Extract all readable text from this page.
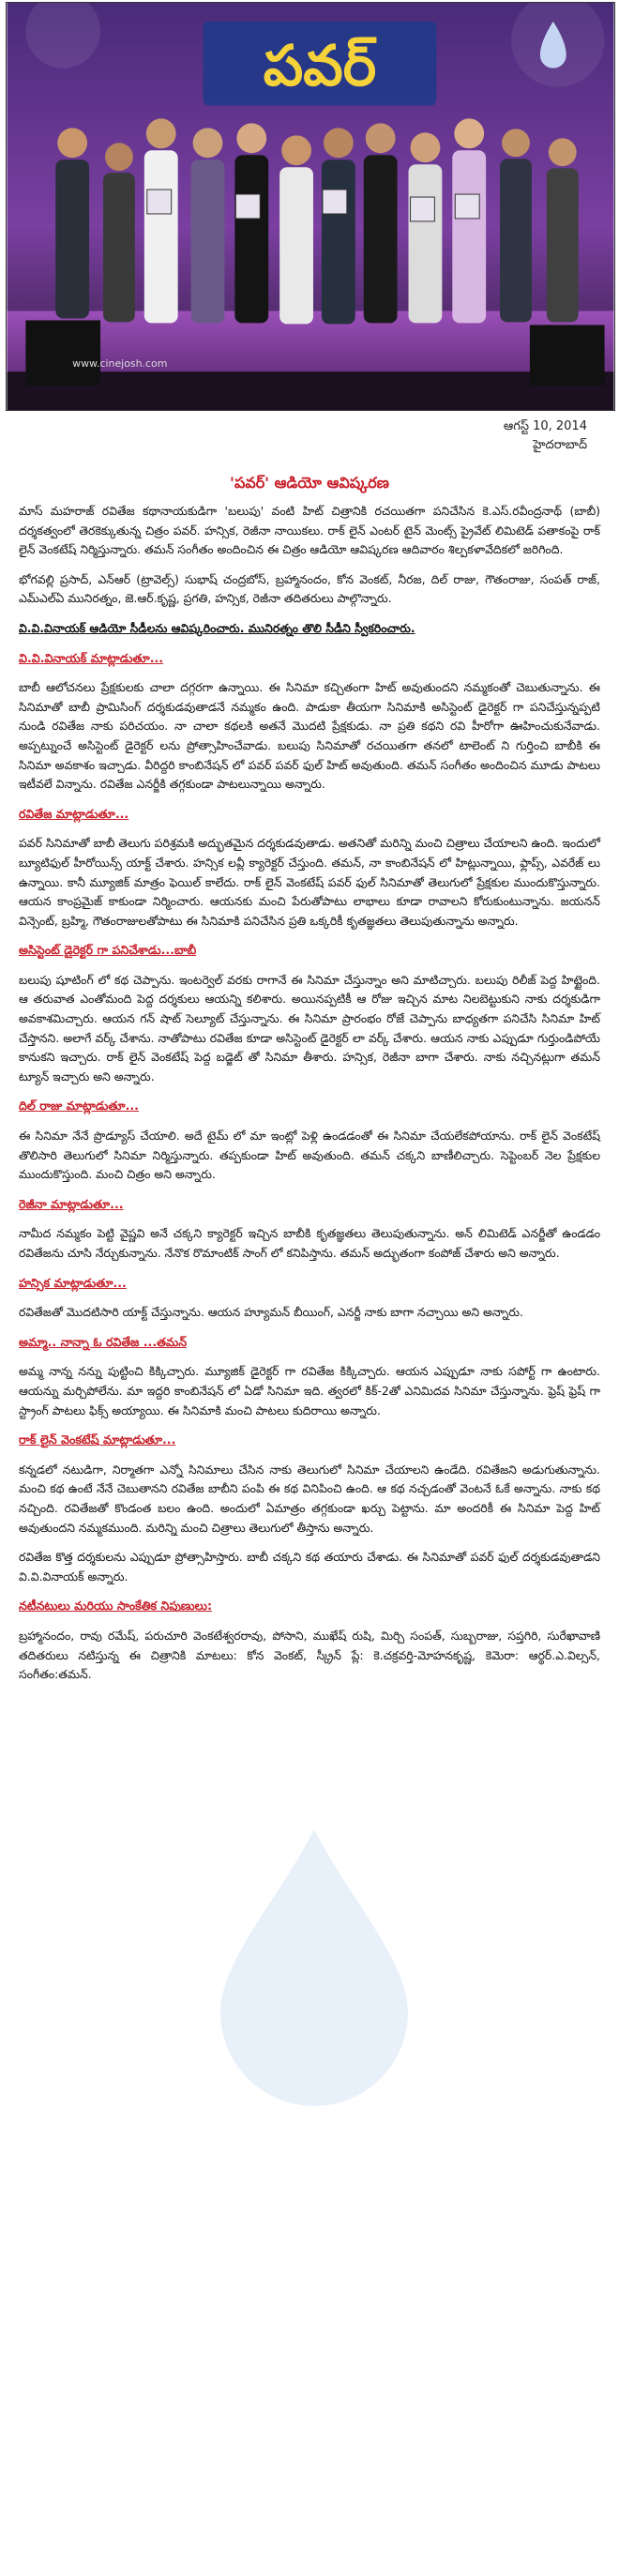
పవర్
www.cinejosh.com
ఆగస్ట్ 10, 2014
హైదరాబాద్
'పవర్' ఆడియో ఆవిష్కరణ

మాస్ మహరాజ్ రవితేజ కథానాయకుడిగా 'బలుపు' వంటి హిట్ చిత్రానికి రచయితగా పనిచేసిన కె.ఎస్.రవీంద్రనాథ్ (బాబీ) దర్శకత్వంలో తెరకెక్కుతున్న చిత్రం పవర్. హన్సిక, రెజీనా నాయికలు. రాక్ లైన్ ఎంటర్ టైన్ మెంట్స్ ప్రైవేట్ లిమిటెడ్ పతాకంపై రాక్ లైన్ వెంకటేష్ నిర్మిస్తున్నారు. తమన్ సంగీతం అందించిన ఈ చిత్రం ఆడియో ఆవిష్కరణ ఆదివారం శిల్పకళావేదికలో జరిగింది.

భోగవల్లి ప్రసాద్, ఎన్ఆర్ (ట్రావెల్స్) సుభాష్ చంద్రబోస్, బ్రహ్మానందం, కోన వెంకట్, నీరజ, దిల్ రాజు, గౌతంరాజు, సంపత్ రాజ్, ఎమ్ఎల్ఏ మునిరత్నం, జె.ఆర్.కృష్ణ, ప్రగతి, హన్సిక, రెజీనా తదితరులు పాల్గొన్నారు.

వి.వి.వినాయక్ ఆడియో సీడీలను ఆవిష్కరించారు. మునిరత్నం తొలి సీడీని స్వీకరించారు.

వి.వి.వినాయక్ మాట్లాడుతూ...

బాబీ ఆలోచనలు ప్రేక్షకులకు చాలా దగ్గరగా ఉన్నాయి. ఈ సినిమా కచ్చితంగా హిట్ అవుతుందని నమ్మకంతో చెబుతున్నాను. ఈ సినిమాతో బాబీ ప్రామిసింగ్ దర్శకుడవుతాడనే నమ్మకం ఉంది. పాడుకా తీయగా సినిమాకి అసిస్టెంట్ డైరెక్టర్ గా పనిచేస్తున్నప్పటి నుండి రవితేజ నాకు పరిచయం. నా చాలా కథలకి అతనే మొదటి ప్రేక్షకుడు. నా ప్రతి కథని రవి హీరోగా ఊహించుకునేవాడు. అప్పట్నుంచే అసిస్టెంట్ డైరెక్టర్ లను ప్రోత్సాహించేవాడు. బలుపు సినిమాతో రచయితగా తనలో టాలెంట్ ని గుర్తించి బాబీకి ఈ సినిమా అవకాశం ఇచ్చాడు. వీరిద్దరి కాంబినేషన్ లో పవర్ పవర్ ఫుల్ హిట్ అవుతుంది. తమన్ సంగీతం అందించిన మూడు పాటలు ఇటీవలే విన్నాను. రవితేజ ఎనర్జీకి తగ్గకుండా పాటలున్నాయి అన్నారు.

రవితేజ మాట్లాడుతూ...

పవర్ సినిమాతో బాబీ తెలుగు పరిశ్రమకి అద్భుతమైన దర్శకుడవుతాడు. అతనితో మరిన్ని మంచి చిత్రాలు చేయాలని ఉంది. ఇందులో బ్యూటిఫుల్ హీరోయిన్స్ యాక్ట్ చేశారు. హన్సిక లవ్లీ క్యారెక్టర్ చేస్తుంది. తమన్, నా కాంబినేషన్ లో హిట్లున్నాయి, ఫ్లాప్స్, ఎవరేజ్ లు ఉన్నాయి. కానీ మ్యూజిక్ మాత్రం ఫెయిల్ కాలేదు. రాక్ లైన్ వెంకటేష్ పవర్ ఫుల్ సినిమాతో తెలుగులో ప్రేక్షకుల ముందుకొస్తున్నారు. ఆయన కాంప్రమైజ్ కాకుండా నిర్మించారు. ఆయనకు మంచి పేరుతోపాటు లాభాలు కూడా రావాలని కోరుకుంటున్నాను. జయనన్ విన్సెంట్, బ్రహ్మి, గౌతంరాజులతోపాటు ఈ సినిమాకి పనిచేసిన ప్రతి ఒక్కరికీ కృతజ్ఞతలు తెలుపుతున్నాను అన్నారు.

అసిస్టెంట్ డైరెక్టర్ గా పనిచేశాడు...బాబీ

బలుపు షూటింగ్ లో కథ చెప్పాను. ఇంటర్వెల్ వరకు రాగానే ఈ సినిమా చేస్తున్నాం అని మాటిచ్చారు. బలుపు రిలీజ్ పెద్ద హిట్టైంది. ఆ తరువాత ఎంతోమంది పెద్ద దర్శకులు ఆయన్ని కలిశారు. అయినప్పటికీ ఆ రోజు ఇచ్చిన మాట నిలబెట్టుకుని నాకు దర్శకుడిగా అవకాశమిచ్చారు. ఆయన గన్ షాట్ సెల్యూట్ చేస్తున్నాను. ఈ సినిమా ప్రారంభం రోజే చెప్పాను బాధ్యతగా పనిచేసి సినిమా హిట్ చేస్తానని. అలాగే వర్క్ చేశాను. నాతోపాటు రవితేజ కూడా అసిస్టెంట్ డైరెక్టర్ లా వర్క్ చేశారు. ఆయన నాకు ఎప్పుడూ గుర్తుండిపోయే కానుకని ఇచ్చారు. రాక్ లైన్ వెంకటేష్ పెద్ద బడ్జెట్ తో సినిమా తీశారు. హన్సిక, రెజీనా బాగా చేశారు. నాకు నచ్చినట్లుగా తమన్ ట్యూన్ ఇచ్చారు అని అన్నారు.

దిల్ రాజు మాట్లాడుతూ...

ఈ సినిమా నేనే ప్రొడ్యూస్ చేయాలి. అదే టైమ్ లో మా ఇంట్లో పెళ్లి ఉండడంతో ఈ సినిమా చేయలేకపోయాను. రాక్ లైన్ వెంకటేష్ తొలిసారి తెలుగులో సినిమా నిర్మిస్తున్నారు. తప్పకుండా హిట్ అవుతుంది. తమన్ చక్కని బాణీలిచ్చారు. సెప్టెంబర్ నెల ప్రేక్షకుల ముందుకొస్తుంది. మంచి చిత్రం అని అన్నారు.

రెజీనా మాట్లాడుతూ...

నామీద నమ్మకం పెట్టి వైష్ణవి అనే చక్కని క్యారెక్టర్ ఇచ్చిన బాబీకి కృతజ్ఞతలు తెలుపుతున్నాను. అన్ లిమిటెడ్ ఎనర్జీతో ఉండడం రవితేజను చూసి నేర్చుకున్నాను. నేనొక రొమాంటిక్ సాంగ్ లో కనిపిస్తాను. తమన్ అద్భుతంగా కంపోజ్ చేశారు అని అన్నారు.

హన్సిక మాట్లాడుతూ...

రవితేజతో మొదటిసారి యాక్ట్ చేస్తున్నాను. ఆయన హ్యూమన్ బీయింగ్, ఎనర్జీ నాకు బాగా నచ్చాయి అని అన్నారు.

అమ్మా.. నాన్నా ఓ రవితేజ ...తమన్

అమ్మ నాన్న నన్ను పుట్టించి కిక్కిచ్చారు. మ్యూజిక్ డైరెక్టర్ గా రవితేజ కిక్కిచ్చారు. ఆయన ఎప్పుడూ నాకు సపోర్ట్ గా ఉంటారు. ఆయన్ను మర్చిపోలేను. మా ఇద్దరి కాంబినేషన్ లో ఏడో సినిమా ఇది. త్వరలో కిక్-2తో ఎనిమిదవ సినిమా చేస్తున్నాను. ఫ్రెష్ ఫ్రెష్ గా స్ట్రాంగ్ పాటలు ఫిక్స్ అయ్యాయి. ఈ సినిమాకి మంచి పాటలు కుదిరాయి అన్నారు.

రాక్ లైన్ వెంకటేష్ మాట్లాడుతూ...

కన్నడలో నటుడిగా, నిర్మాతగా ఎన్నో సినిమాలు చేసిన నాకు తెలుగులో సినిమా చేయాలని ఉండేది. రవితేజని అడుగుతున్నాను. మంచి కథ ఉంటే నేనే చెబుతానని రవితేజ బాబీని పంపి ఈ కథ వినిపించి ఉంది. ఆ కథ నచ్చడంతో వెంటనే ఓకే అన్నాను. నాకు కథ నచ్చింది. రవితేజతో కొండంత బలం ఉంది. అందులో ఏమాత్రం తగ్గకుండా ఖర్చు పెట్టాను. మా అందరికీ ఈ సినిమా పెద్ద హిట్ అవుతుందని నమ్మకముంది. మరిన్ని మంచి చిత్రాలు తెలుగులో తీస్తాను అన్నారు.

రవితేజ కొత్త దర్శకులను ఎప్పుడూ ప్రోత్సాహిస్తారు. బాబీ చక్కని కథ తయారు చేశాడు. ఈ సినిమాతో పవర్ ఫుల్ దర్శకుడవుతాడని వి.వి.వినాయక్ అన్నారు.

నటీనటులు మరియు సాంకేతిక నిపుణులు:

బ్రహ్మానందం, రావు రమేష్, పరుచూరి వెంకటేశ్వరరావు, పోసాని, ముఖేష్ రుషి, మిర్చి సంపత్, సుబ్బరాజు, సప్తగిరి, సురేఖావాణి తదితరులు నటిస్తున్న ఈ చిత్రానికి మాటలు: కోన వెంకట్, స్క్రీన్ ప్లే: కె.చక్రవర్తి-మోహనకృష్ణ, కెమెరా: ఆర్థర్.ఎ.విల్సన్, సంగీతం:తమన్.
